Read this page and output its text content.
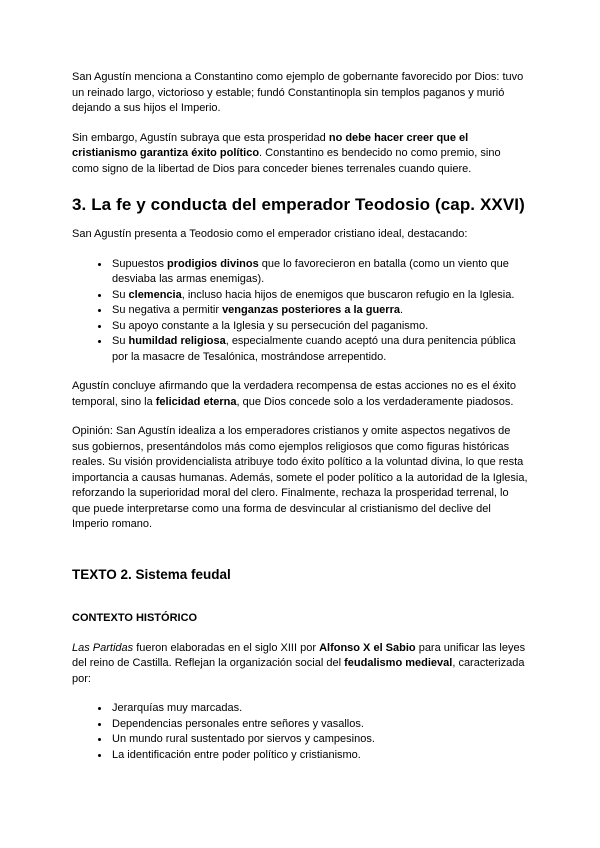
San Agustín menciona a Constantino como ejemplo de gobernante favorecido por Dios: tuvo un reinado largo, victorioso y estable; fundó Constantinopla sin templos paganos y murió dejando a sus hijos el Imperio.

Sin embargo, Agustín subraya que esta prosperidad no debe hacer creer que el cristianismo garantiza éxito político. Constantino es bendecido no como premio, sino como signo de la libertad de Dios para conceder bienes terrenales cuando quiere.

3. La fe y conducta del emperador Teodosio (cap. XXVI)

San Agustín presenta a Teodosio como el emperador cristiano ideal, destacando:

• Supuestos prodigios divinos que lo favorecieron en batalla (como un viento que desviaba las armas enemigas).
• Su clemencia, incluso hacia hijos de enemigos que buscaron refugio en la Iglesia.
• Su negativa a permitir venganzas posteriores a la guerra.
• Su apoyo constante a la Iglesia y su persecución del paganismo.
• Su humildad religiosa, especialmente cuando aceptó una dura penitencia pública por la masacre de Tesalónica, mostrándose arrepentido.

Agustín concluye afirmando que la verdadera recompensa de estas acciones no es el éxito temporal, sino la felicidad eterna, que Dios concede solo a los verdaderamente piadosos.

Opinión: San Agustín idealiza a los emperadores cristianos y omite aspectos negativos de sus gobiernos, presentándolos más como ejemplos religiosos que como figuras históricas reales. Su visión providencialista atribuye todo éxito político a la voluntad divina, lo que resta importancia a causas humanas. Además, somete el poder político a la autoridad de la Iglesia, reforzando la superioridad moral del clero. Finalmente, rechaza la prosperidad terrenal, lo que puede interpretarse como una forma de desvincular al cristianismo del declive del Imperio romano.

TEXTO 2. Sistema feudal
CONTEXTO HISTÓRICO

Las Partidas fueron elaboradas en el siglo XIII por Alfonso X el Sabio para unificar las leyes del reino de Castilla. Reflejan la organización social del feudalismo medieval, caracterizada por:

• Jerarquías muy marcadas.
• Dependencias personales entre señores y vasallos.
• Un mundo rural sustentado por siervos y campesinos.
• La identificación entre poder político y cristianismo.
